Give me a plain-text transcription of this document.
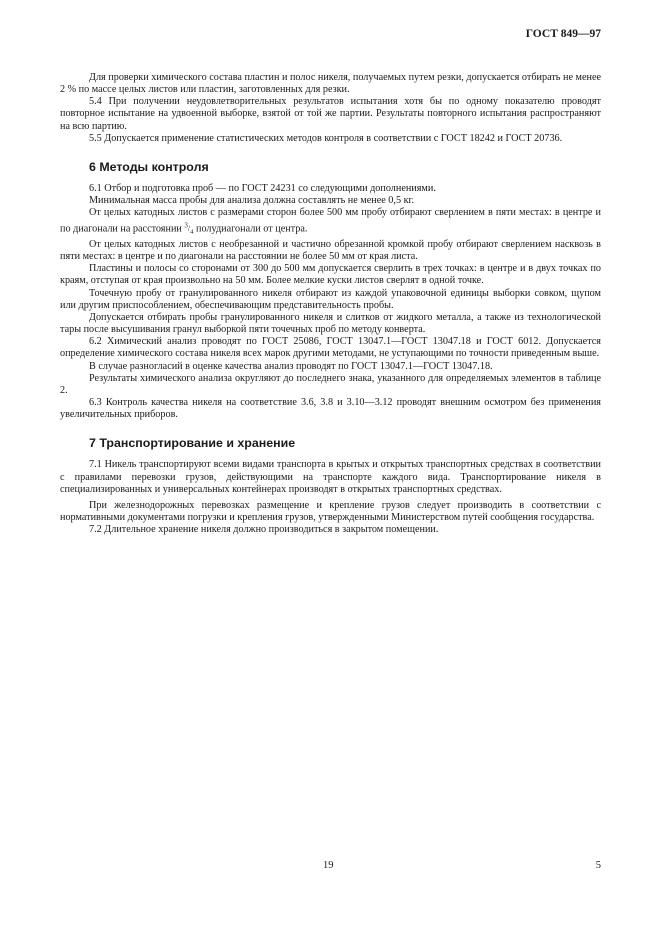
ГОСТ 849—97

Для проверки химического состава пластин и полос никеля, получаемых путем резки, допускается отбирать не менее 2 % по массе целых листов или пластин, заготовленных для резки.

5.4 При получении неудовлетворительных результатов испытания хотя бы по одному показателю проводят повторное испытание на удвоенной выборке, взятой от той же партии. Результаты повторного испытания распространяют на всю партию.

5.5 Допускается применение статистических методов контроля в соответствии с ГОСТ 18242 и ГОСТ 20736.

6 Методы контроля

6.1 Отбор и подготовка проб — по ГОСТ 24231 со следующими дополнениями.

Минимальная масса пробы для анализа должна составлять не менее 0,5 кг.

От целых катодных листов с размерами сторон более 500 мм пробу отбирают сверлением в пяти местах: в центре и по диагонали на расстоянии $^3/_4$ полудиагонали от центра.

От целых катодных листов с необрезанной и частично обрезанной кромкой пробу отбирают сверлением насквозь в пяти местах: в центре и по диагонали на расстоянии не более 50 мм от края листа.

Пластины и полосы со сторонами от 300 до 500 мм допускается сверлить в трех точках: в центре и в двух точках по краям, отступая от края произвольно на 50 мм. Более мелкие куски листов сверлят в одной точке.

Точечную пробу от гранулированного никеля отбирают из каждой упаковочной единицы выборки совком, щупом или другим приспособлением, обеспечивающим представительность пробы.

Допускается отбирать пробы гранулированного никеля и слитков от жидкого металла, а также из технологической тары после высушивания гранул выборкой пяти точечных проб по методу конверта.

6.2 Химический анализ проводят по ГОСТ 25086, ГОСТ 13047.1—ГОСТ 13047.18 и ГОСТ 6012. Допускается определение химического состава никеля всех марок другими методами, не уступающими по точности приведенным выше.

В случае разногласий в оценке качества анализ проводят по ГОСТ 13047.1—ГОСТ 13047.18.

Результаты химического анализа округляют до последнего знака, указанного для определяемых элементов в таблице 2.

6.3 Контроль качества никеля на соответствие 3.6, 3.8 и 3.10—3.12 проводят внешним осмотром без применения увеличительных приборов.

7 Транспортирование и хранение

7.1 Никель транспортируют всеми видами транспорта в крытых и открытых транспортных средствах в соответствии с правилами перевозки грузов, действующими на транспорте каждого вида. Транспортирование никеля в специализированных и универсальных контейнерах производят в открытых транспортных средствах.

При железнодорожных перевозках размещение и крепление грузов следует производить в соответствии с нормативными документами погрузки и крепления грузов, утвержденными Министерством путей сообщения государства.

7.2 Длительное хранение никеля должно производиться в закрытом помещении.

19	5
